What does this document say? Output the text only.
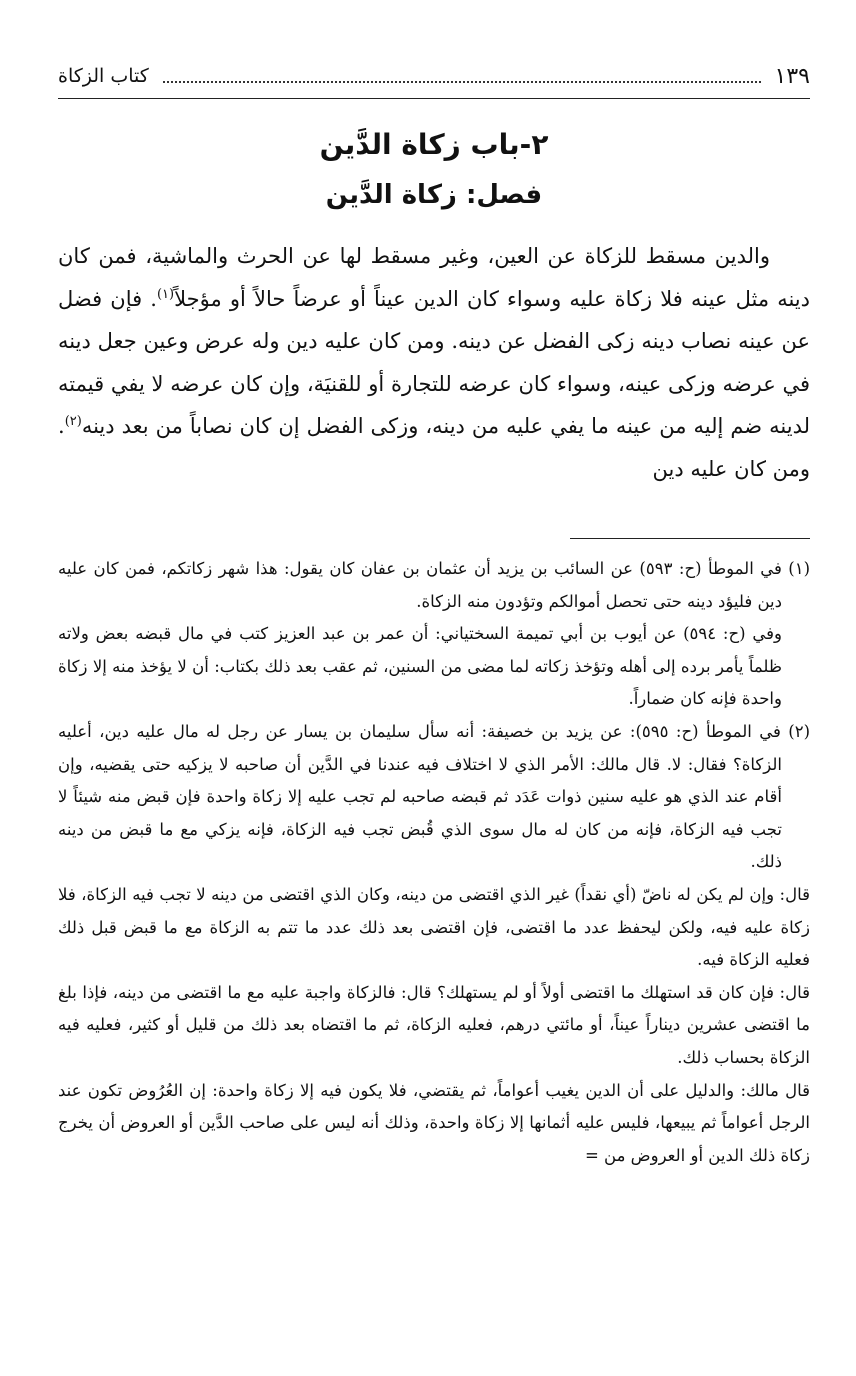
١٣٩
كتاب الزكاة
٢-باب زكاة الدَّين
فصل: زكاة الدَّين

والدين مسقط للزكاة عن العين، وغير مسقط لها عن الحرث والماشية، فمن كان دينه مثل عينه فلا زكاة عليه وسواء كان الدين عيناً أو عرضاً حالاً أو مؤجلاً$^{(١)}$. فإن فضل عن عينه نصاب دينه زكى الفضل عن دينه. ومن كان عليه دين وله عرض وعين جعل دينه في عرضه وزكى عينه، وسواء كان عرضه للتجارة أو للقنيَة، وإن كان عرضه لا يفي قيمته لدينه ضم إليه من عينه ما يفي عليه من دينه، وزكى الفضل إن كان نصاباً من بعد دينه$^{(٢)}$. ومن كان عليه دين

(١) في الموطأ (ح: ٥٩٣) عن السائب بن يزيد أن عثمان بن عفان كان يقول: هذا شهر زكاتكم، فمن كان عليه دين فليؤد دينه حتى تحصل أموالكم وتؤدون منه الزكاة.

وفي (ح: ٥٩٤) عن أيوب بن أبي تميمة السختياني: أن عمر بن عبد العزيز كتب في مال قبضه بعض ولاته ظلماً يأمر برده إلى أهله وتؤخذ زكاته لما مضى من السنين، ثم عقب بعد ذلك بكتاب: أن لا يؤخذ منه إلا زكاة واحدة فإنه كان ضماراً.

(٢) في الموطأ (ح: ٥٩٥): عن يزيد بن خصيفة: أنه سأل سليمان بن يسار عن رجل له مال عليه دين، أعليه الزكاة؟ فقال: لا. قال مالك: الأمر الذي لا اختلاف فيه عندنا في الدَّين أن صاحبه لا يزكيه حتى يقضيه، وإن أقام عند الذي هو عليه سنين ذوات عَدَد ثم قبضه صاحبه لم تجب عليه إلا زكاة واحدة فإن قبض منه شيئاً لا تجب فيه الزكاة، فإنه من كان له مال سوى الذي قُبض تجب فيه الزكاة، فإنه يزكي مع ما قبض من دينه ذلك.

قال: وإن لم يكن له ناضّ (أي نقداً) غير الذي اقتضى من دينه، وكان الذي اقتضى من دينه لا تجب فيه الزكاة، فلا زكاة عليه فيه، ولكن ليحفظ عدد ما اقتضى، فإن اقتضى بعد ذلك عدد ما تتم به الزكاة مع ما قبض قبل ذلك فعليه الزكاة فيه.

قال: فإن كان قد استهلك ما اقتضى أولاً أو لم يستهلك؟ قال: فالزكاة واجبة عليه مع ما اقتضى من دينه، فإذا بلغ ما اقتضى عشرين ديناراً عيناً، أو مائتي درهم، فعليه الزكاة، ثم ما اقتضاه بعد ذلك من قليل أو كثير، فعليه فيه الزكاة بحساب ذلك.

قال مالك: والدليل على أن الدين يغيب أعواماً، ثم يقتضي، فلا يكون فيه إلا زكاة واحدة: إن العُرُوض تكون عند الرجل أعواماً ثم يبيعها، فليس عليه أثمانها إلا زكاة واحدة، وذلك أنه ليس على صاحب الدَّين أو العروض أن يخرج زكاة ذلك الدين أو العروض من =
